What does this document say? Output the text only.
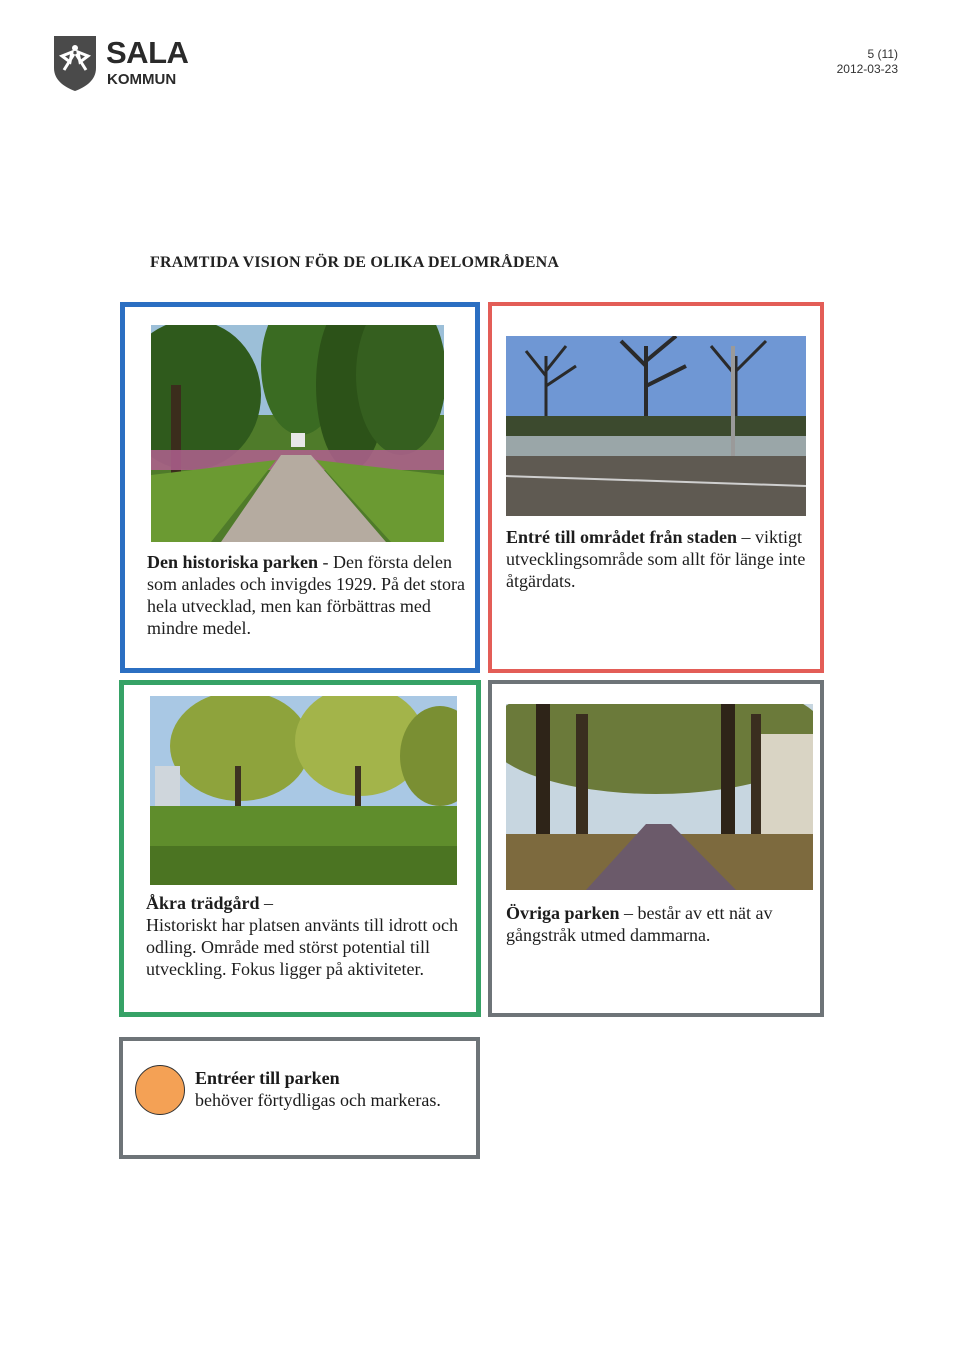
SALA
KOMMUN
5 (11)
2012-03-23
FRAMTIDA VISION FÖR DE OLIKA DELOMRÅDENA
Den historiska parken - Den första delen som anlades och invigdes 1929. På det stora hela utvecklad, men kan förbättras med mindre medel.
Entré till området från staden – viktigt utvecklingsområde som allt för länge inte åtgärdats.
Åkra trädgård –
Historiskt har platsen använts till idrott och odling. Område med störst potential till utveckling. Fokus ligger på aktiviteter.
Övriga parken – består av ett nät av gångstråk utmed dammarna.
Entréer till parken
behöver förtydligas och markeras.
